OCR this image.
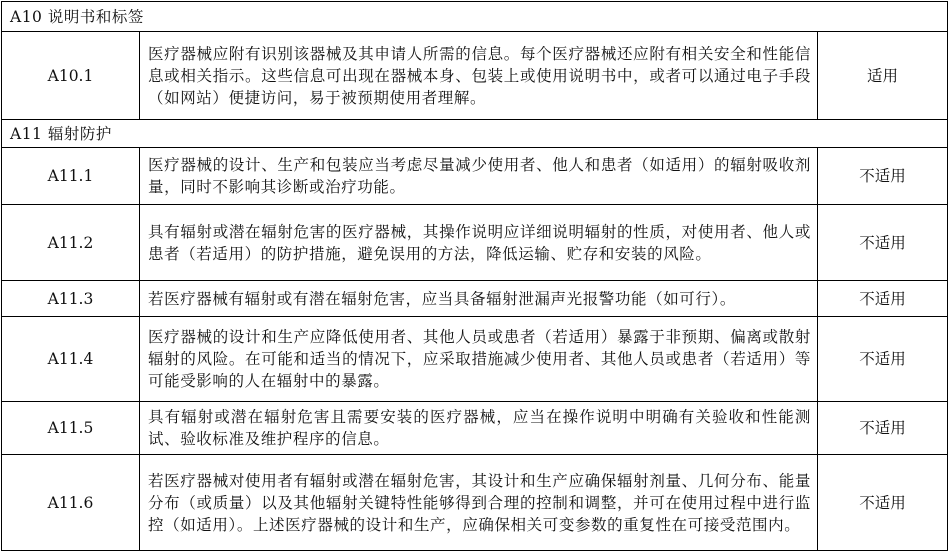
A10 说明书和标签		
A10.1	医疗器械应附有识别该器械及其申请人所需的信息。每个医疗器械还应附有相关安全和性能信息或相关指示。这些信息可出现在器械本身、包装上或使用说明书中，或者可以通过电子手段（如网站）便捷访问，易于被预期使用者理解。	适用
A11 辐射防护		
A11.1	医疗器械的设计、生产和包装应当考虑尽量减少使用者、他人和患者（如适用）的辐射吸收剂量，同时不影响其诊断或治疗功能。	不适用
A11.2	具有辐射或潜在辐射危害的医疗器械，其操作说明应详细说明辐射的性质，对使用者、他人或患者（若适用）的防护措施，避免误用的方法，降低运输、贮存和安装的风险。	不适用
A11.3	若医疗器械有辐射或有潜在辐射危害，应当具备辐射泄漏声光报警功能（如可行）。	不适用
A11.4	医疗器械的设计和生产应降低使用者、其他人员或患者（若适用）暴露于非预期、偏离或散射辐射的风险。在可能和适当的情况下，应采取措施减少使用者、其他人员或患者（若适用）等可能受影响的人在辐射中的暴露。	不适用
A11.5	具有辐射或潜在辐射危害且需要安装的医疗器械，应当在操作说明中明确有关验收和性能测试、验收标准及维护程序的信息。	不适用
A11.6	若医疗器械对使用者有辐射或潜在辐射危害，其设计和生产应确保辐射剂量、几何分布、能量分布（或质量）以及其他辐射关键特性能够得到合理的控制和调整，并可在使用过程中进行监控（如适用）。上述医疗器械的设计和生产，应确保相关可变参数的重复性在可接受范围内。	不适用
